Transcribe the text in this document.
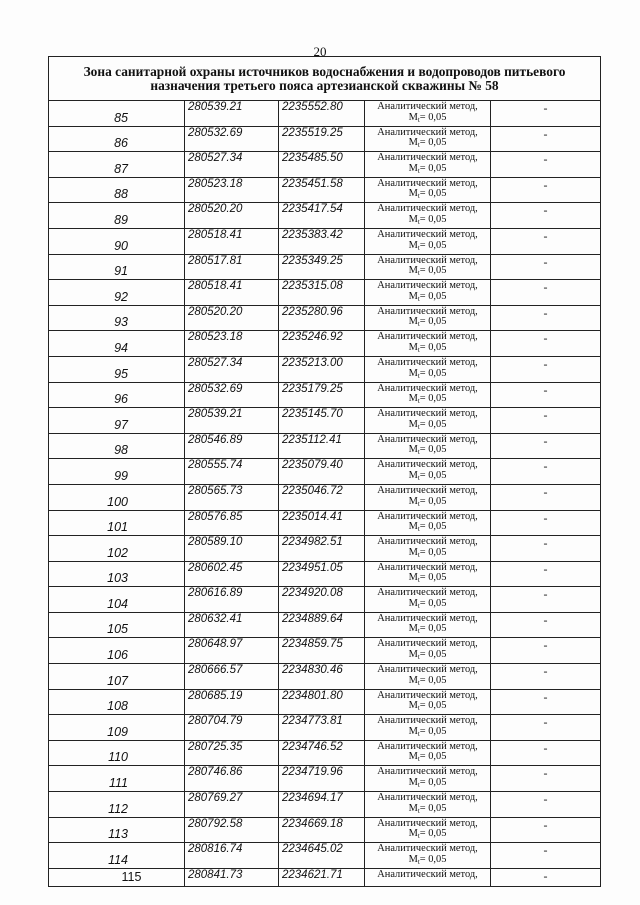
20
Зона санитарной охраны источников водоснабжения и водопроводов питьевого назначения третьего пояса артезианской скважины № 58				

85	280539.21	2235552.80	Аналитический метод,
$М_t= 0,05$	-

86	280532.69	2235519.25	Аналитический метод,
$М_t= 0,05$	-

87	280527.34	2235485.50	Аналитический метод,
$М_t= 0,05$	-

88	280523.18	2235451.58	Аналитический метод,
$М_t= 0,05$	-

89	280520.20	2235417.54	Аналитический метод,
$М_t= 0,05$	-

90	280518.41	2235383.42	Аналитический метод,
$М_t= 0,05$	-

91	280517.81	2235349.25	Аналитический метод,
$М_t= 0,05$	-

92	280518.41	2235315.08	Аналитический метод,
$М_t= 0,05$	-

93	280520.20	2235280.96	Аналитический метод,
$М_t= 0,05$	-

94	280523.18	2235246.92	Аналитический метод,
$М_t= 0,05$	-

95	280527.34	2235213.00	Аналитический метод,
$М_t= 0,05$	-

96	280532.69	2235179.25	Аналитический метод,
$М_t= 0,05$	-

97	280539.21	2235145.70	Аналитический метод,
$М_t= 0,05$	-

98	280546.89	2235112.41	Аналитический метод,
$М_t= 0,05$	-

99	280555.74	2235079.40	Аналитический метод,
$М_t= 0,05$	-

100	280565.73	2235046.72	Аналитический метод,
$М_t= 0,05$	-

101	280576.85	2235014.41	Аналитический метод,
$М_t= 0,05$	-

102	280589.10	2234982.51	Аналитический метод,
$М_t= 0,05$	-

103	280602.45	2234951.05	Аналитический метод,
$М_t= 0,05$	-

104	280616.89	2234920.08	Аналитический метод,
$М_t= 0,05$	-

105	280632.41	2234889.64	Аналитический метод,
$М_t= 0,05$	-

106	280648.97	2234859.75	Аналитический метод,
$М_t= 0,05$	-

107	280666.57	2234830.46	Аналитический метод,
$М_t= 0,05$	-

108	280685.19	2234801.80	Аналитический метод,
$М_t= 0,05$	-

109	280704.79	2234773.81	Аналитический метод,
$М_t= 0,05$	-

110	280725.35	2234746.52	Аналитический метод,
$М_t= 0,05$	-

111	280746.86	2234719.96	Аналитический метод,
$М_t= 0,05$	-

112	280769.27	2234694.17	Аналитический метод,
$М_t= 0,05$	-

113	280792.58	2234669.18	Аналитический метод,
$М_t= 0,05$	-

114	280816.74	2234645.02	Аналитический метод,
$М_t= 0,05$	-

115	280841.73	2234621.71	Аналитический метод,	-
